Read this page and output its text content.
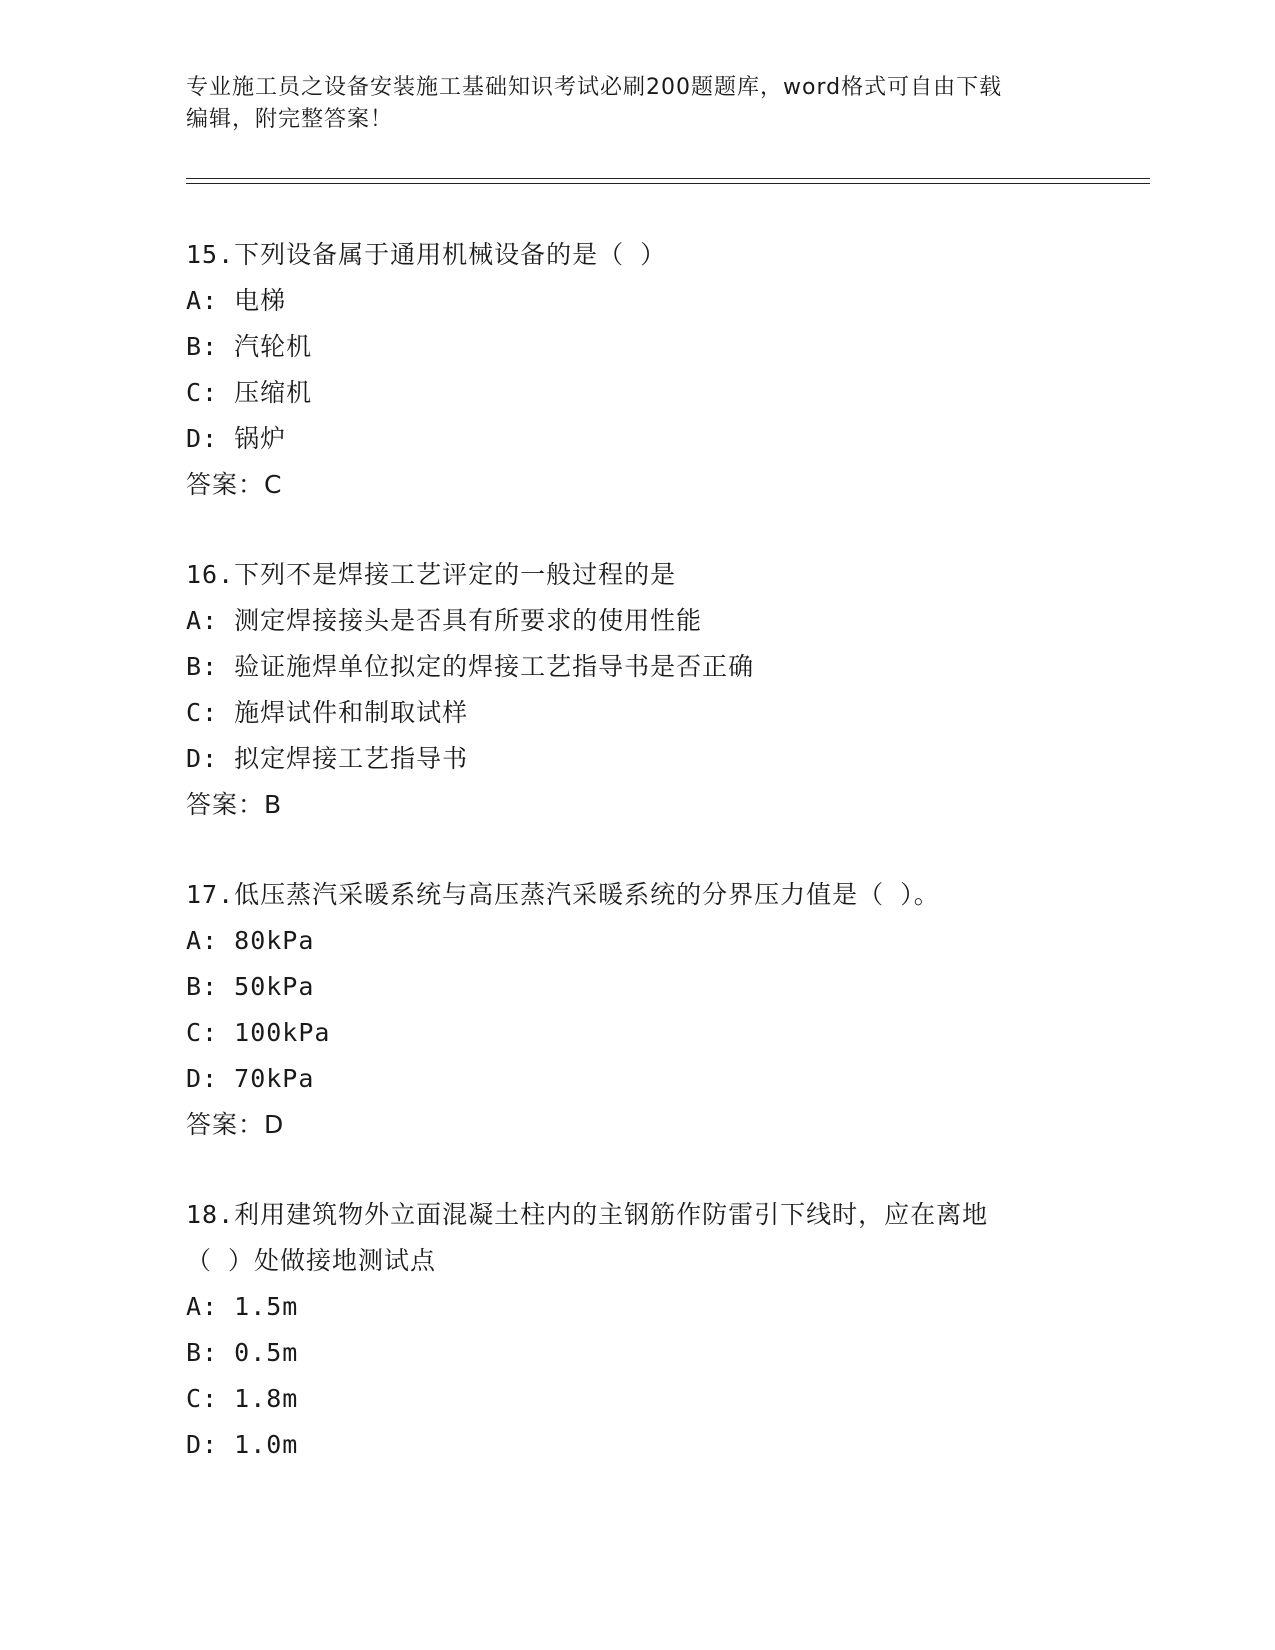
专业施工员之设备安装施工基础知识考试必刷200题题库，word格式可自由下载
编辑，附完整答案！
15.下列设备属于通用机械设备的是（ ）
A: 电梯
B: 汽轮机
C: 压缩机
D: 锅炉
答案：C
16.下列不是焊接工艺评定的一般过程的是
A: 测定焊接接头是否具有所要求的使用性能
B: 验证施焊单位拟定的焊接工艺指导书是否正确
C: 施焊试件和制取试样
D: 拟定焊接工艺指导书
答案：B
17.低压蒸汽采暖系统与高压蒸汽采暖系统的分界压力值是（ ）。
A: 80kPa
B: 50kPa
C: 100kPa
D: 70kPa
答案：D
18.利用建筑物外立面混凝土柱内的主钢筋作防雷引下线时，应在离地
（ ）处做接地测试点
A: 1.5m
B: 0.5m
C: 1.8m
D: 1.0m
